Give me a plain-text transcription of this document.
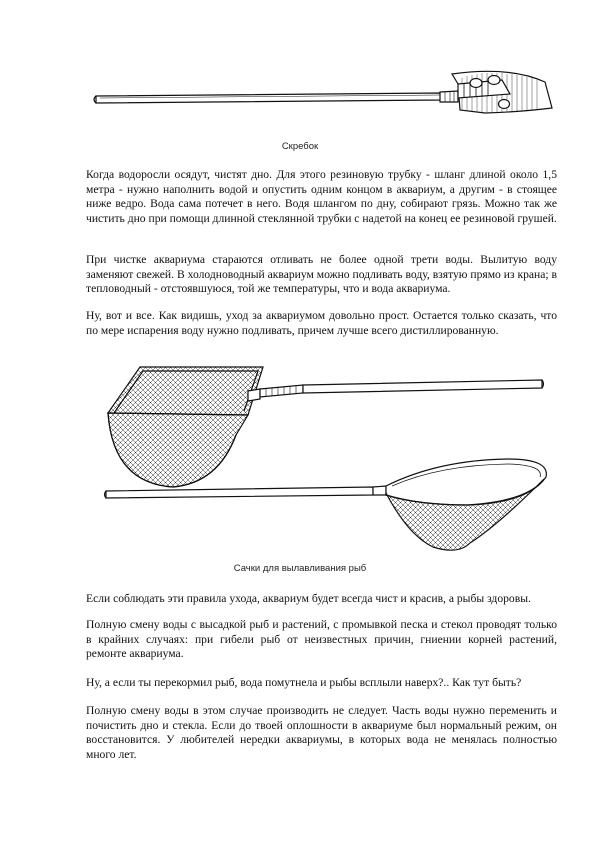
Скребок

Когда водоросли осядут, чистят дно. Для этого резиновую трубку - шланг длиной около 1,5 метра - нужно наполнить водой и опустить одним концом в аквариум, а другим - в стоящее ниже ведро. Вода сама потечет в него. Водя шлангом по дну, собирают грязь. Можно так же чистить дно при помощи длинной стеклянной трубки с надетой на конец ее резиновой грушей.

При чистке аквариума стараются отливать не более одной трети воды. Вылитую воду заменяют свежей. В холодноводный аквариум можно подливать воду, взятую прямо из крана; в тепловодный - отстоявшуюся, той же температуры, что и вода аквариума.

Ну, вот и все. Как видишь, уход за аквариумом довольно прост. Остается только сказать, что по мере испарения воду нужно подливать, причем лучше всего дистиллированную.

Сачки для вылавливания рыб

Если соблюдать эти правила ухода, аквариум будет всегда чист и красив, а рыбы здоровы.

Полную смену воды с высадкой рыб и растений, с промывкой песка и стекол проводят только в крайних случаях: при гибели рыб от неизвестных причин, гниении корней растений, ремонте аквариума.

Ну, а если ты перекормил рыб, вода помутнела и рыбы всплыли наверх?.. Как тут быть?

Полную смену воды в этом случае производить не следует. Часть воды нужно переменить и почистить дно и стекла. Если до твоей оплошности в аквариуме был нормальный режим, он восстановится. У любителей нередки аквариумы, в которых вода не менялась полностью много лет.
